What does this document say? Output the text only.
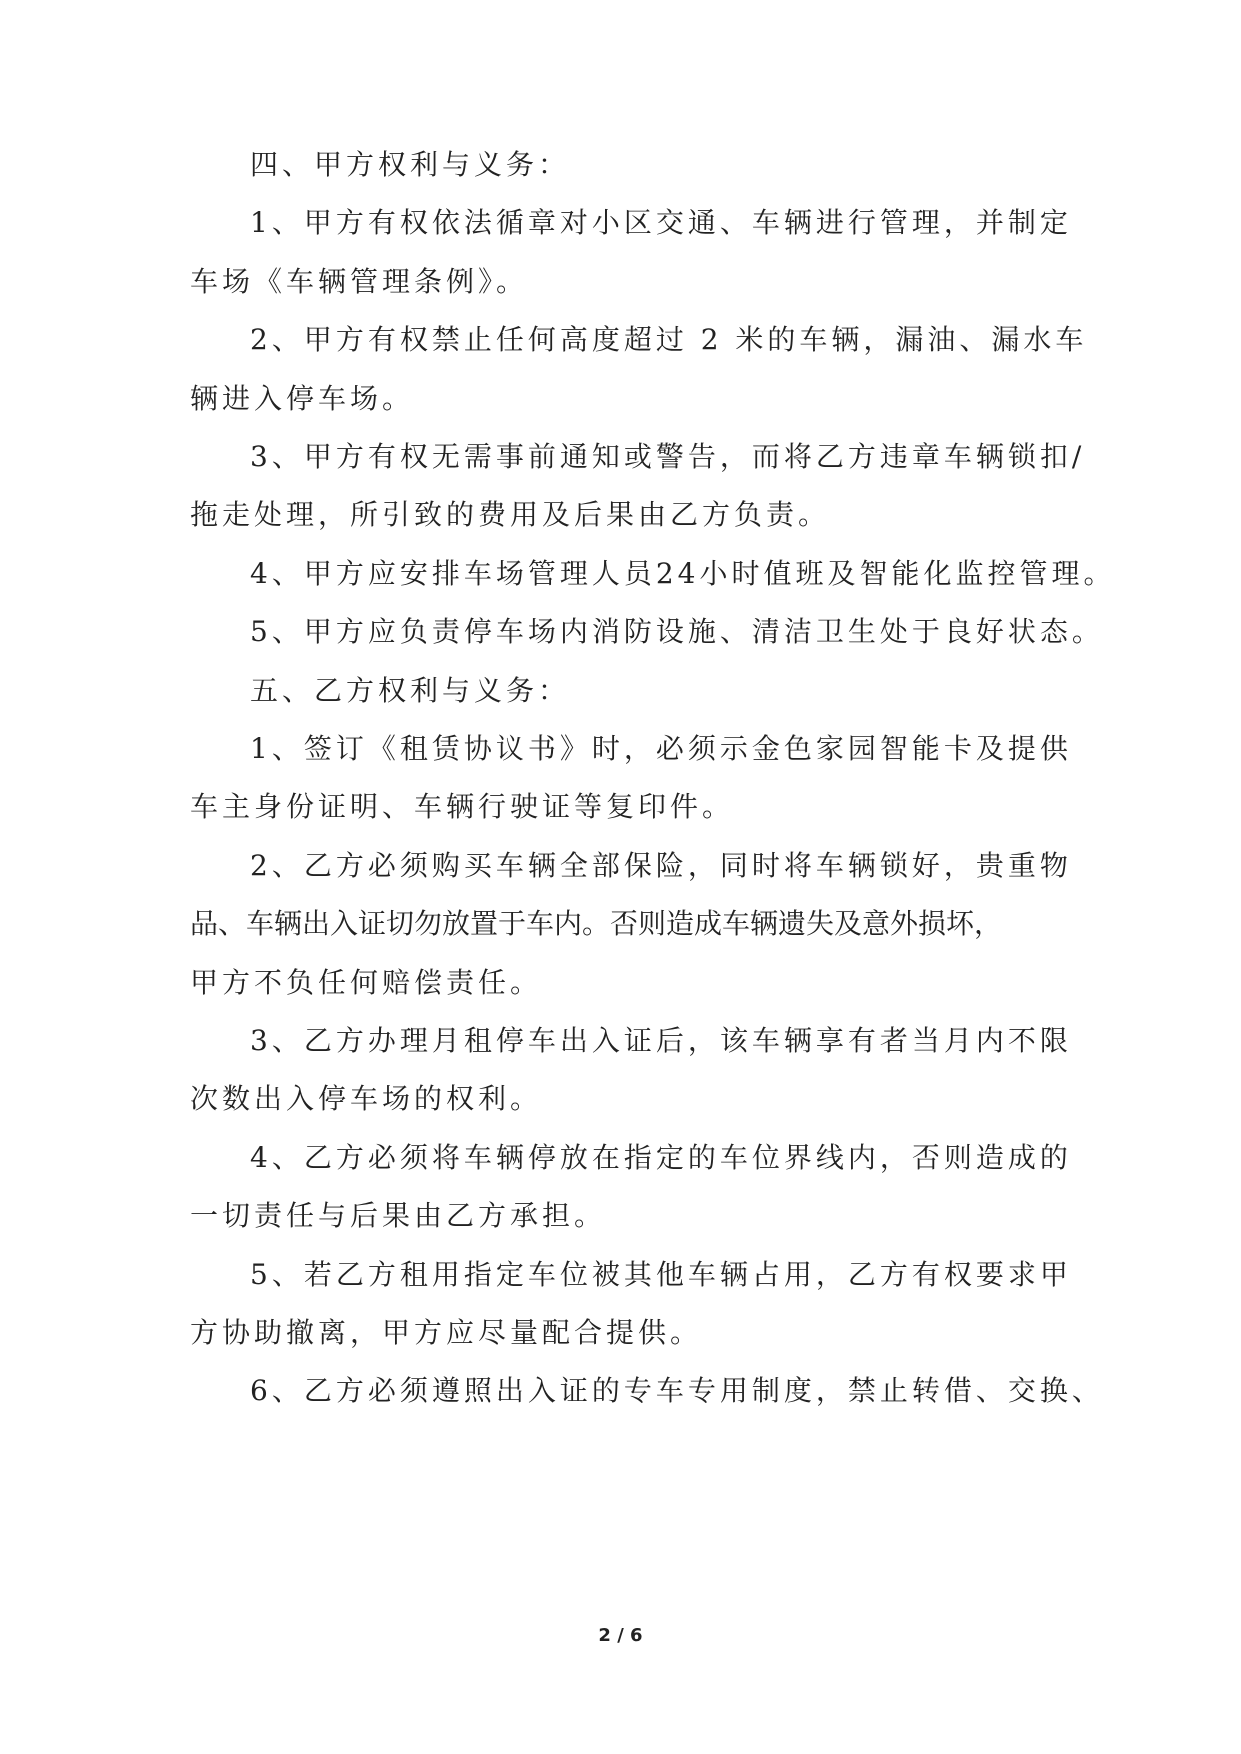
四、甲方权利与义务：
1、甲方有权依法循章对小区交通、车辆进行管理，并制定
车场《车辆管理条例》。
2、甲方有权禁止任何高度超过 2 米的车辆，漏油、漏水车
辆进入停车场。
3、甲方有权无需事前通知或警告，而将乙方违章车辆锁扣/
拖走处理，所引致的费用及后果由乙方负责。
4、甲方应安排车场管理人员24小时值班及智能化监控管理。
5、甲方应负责停车场内消防设施、清洁卫生处于良好状态。
五、乙方权利与义务：
1、签订《租赁协议书》时，必须示金色家园智能卡及提供
车主身份证明、车辆行驶证等复印件。
2、乙方必须购买车辆全部保险，同时将车辆锁好，贵重物
品、车辆出入证切勿放置于车内。否则造成车辆遗失及意外损坏，
甲方不负任何赔偿责任。
3、乙方办理月租停车出入证后，该车辆享有者当月内不限
次数出入停车场的权利。
4、乙方必须将车辆停放在指定的车位界线内，否则造成的
一切责任与后果由乙方承担。
5、若乙方租用指定车位被其他车辆占用，乙方有权要求甲
方协助撤离，甲方应尽量配合提供。
6、乙方必须遵照出入证的专车专用制度，禁止转借、交换、
2 / 6
